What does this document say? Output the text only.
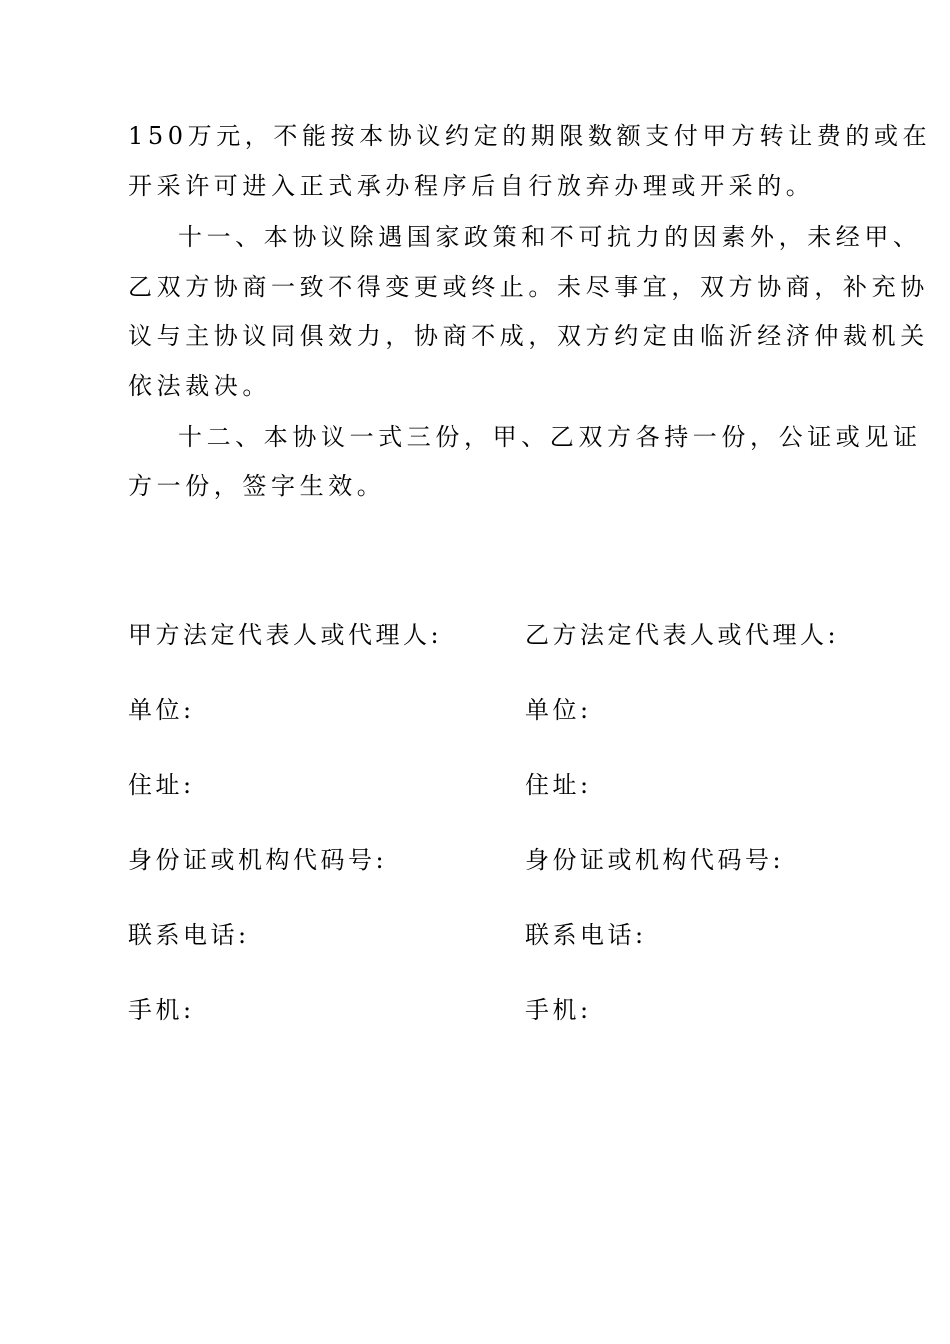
150万元，不能按本协议约定的期限数额支付甲方转让费的或在
开采许可进入正式承办程序后自行放弃办理或开采的。
十一、本协议除遇国家政策和不可抗力的因素外，未经甲、
乙双方协商一致不得变更或终止。未尽事宜，双方协商，补充协
议与主协议同俱效力，协商不成，双方约定由临沂经济仲裁机关
依法裁决。
十二、本协议一式三份，甲、乙双方各持一份，公证或见证
方一份，签字生效。
甲方法定代表人或代理人:
单位:
住址:
身份证或机构代码号:
联系电话:
手机:
乙方法定代表人或代理人:
单位:
住址:
身份证或机构代码号:
联系电话:
手机:
